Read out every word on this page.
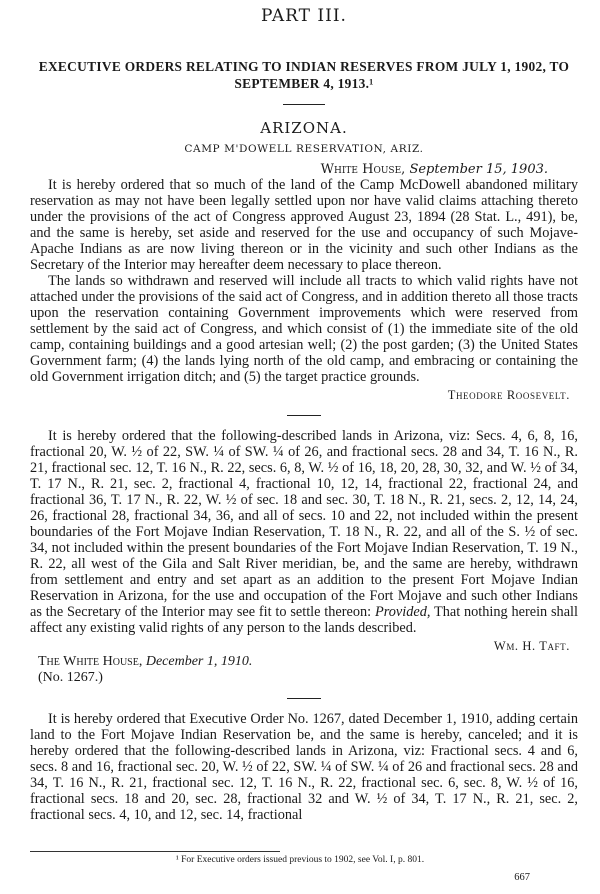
PART III.
EXECUTIVE ORDERS RELATING TO INDIAN RESERVES FROM JULY 1, 1902, TO SEPTEMBER 4, 1913.¹
ARIZONA.
CAMP M'DOWELL RESERVATION, ARIZ.
White House, September 15, 1903.

It is hereby ordered that so much of the land of the Camp McDowell abandoned military reservation as may not have been legally settled upon nor have valid claims attaching thereto under the provisions of the act of Congress approved August 23, 1894 (28 Stat. L., 491), be, and the same is hereby, set aside and reserved for the use and occupancy of such Mojave-Apache Indians as are now living thereon or in the vicinity and such other Indians as the Secretary of the Interior may hereafter deem necessary to place thereon.

The lands so withdrawn and reserved will include all tracts to which valid rights have not attached under the provisions of the said act of Congress, and in addition thereto all those tracts upon the reservation containing Government improvements which were reserved from settlement by the said act of Congress, and which consist of (1) the immediate site of the old camp, containing buildings and a good artesian well; (2) the post garden; (3) the United States Government farm; (4) the lands lying north of the old camp, and embracing or containing the old Government irrigation ditch; and (5) the target practice grounds.

Theodore Roosevelt.

It is hereby ordered that the following-described lands in Arizona, viz: Secs. 4, 6, 8, 16, fractional 20, W. ½ of 22, SW. ¼ of SW. ¼ of 26, and fractional secs. 28 and 34, T. 16 N., R. 21, fractional sec. 12, T. 16 N., R. 22, secs. 6, 8, W. ½ of 16, 18, 20, 28, 30, 32, and W. ½ of 34, T. 17 N., R. 21, sec. 2, fractional 4, fractional 10, 12, 14, fractional 22, fractional 24, and fractional 36, T. 17 N., R. 22, W. ½ of sec. 18 and sec. 30, T. 18 N., R. 21, secs. 2, 12, 14, 24, 26, fractional 28, fractional 34, 36, and all of secs. 10 and 22, not included within the present boundaries of the Fort Mojave Indian Reservation, T. 18 N., R. 22, and all of the S. ½ of sec. 34, not included within the present boundaries of the Fort Mojave Indian Reservation, T. 19 N., R. 22, all west of the Gila and Salt River meridian, be, and the same are hereby, withdrawn from settlement and entry and set apart as an addition to the present Fort Mojave Indian Reservation in Arizona, for the use and occupation of the Fort Mojave and such other Indians as the Secretary of the Interior may see fit to settle thereon: Provided, That nothing herein shall affect any existing valid rights of any person to the lands described.

Wm. H. Taft.
The White House, December 1, 1910.
(No. 1267.)

It is hereby ordered that Executive Order No. 1267, dated December 1, 1910, adding certain land to the Fort Mojave Indian Reservation be, and the same is hereby, canceled; and it is hereby ordered that the following-described lands in Arizona, viz: Fractional secs. 4 and 6, secs. 8 and 16, fractional sec. 20, W. ½ of 22, SW. ¼ of SW. ¼ of 26 and fractional secs. 28 and 34, T. 16 N., R. 21, fractional sec. 12, T. 16 N., R. 22, fractional sec. 6, sec. 8, W. ½ of 16, fractional secs. 18 and 20, sec. 28, fractional 32 and W. ½ of 34, T. 17 N., R. 21, sec. 2, fractional secs. 4, 10, and 12, sec. 14, fractional

¹ For Executive orders issued previous to 1902, see Vol. I, p. 801.
667
